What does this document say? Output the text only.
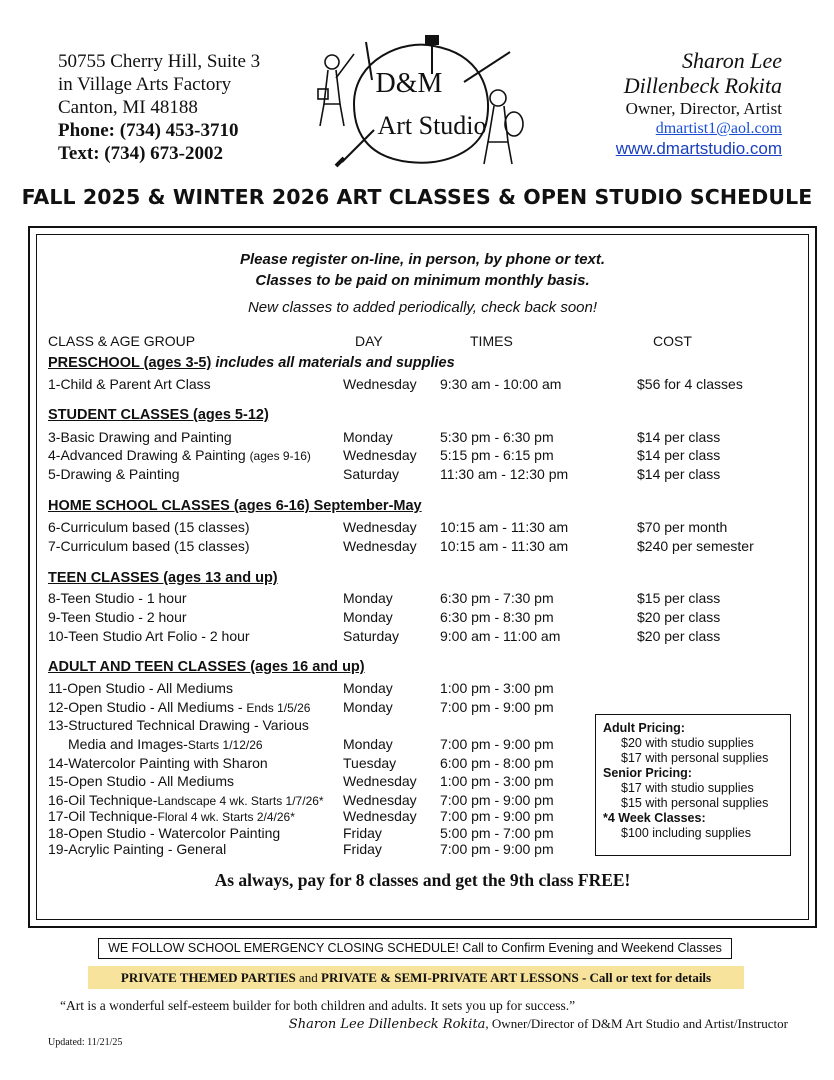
50755 Cherry Hill, Suite 3
in Village Arts Factory
Canton, MI 48188
Phone: (734) 453-3710
Text: (734) 673-2002
D&M
Art Studio
Sharon Lee
Dillenbeck Rokita
Owner, Director, Artist
dmartist1@aol.com
www.dmartstudio.com
FALL 2025 & WINTER 2026 ART CLASSES & OPEN STUDIO SCHEDULE
Please register on-line, in person, by phone or text.
Classes to be paid on minimum monthly basis.
New classes to added periodically, check back soon!
CLASS & AGE GROUP	DAY	TIMES	COST
PRESCHOOL (ages 3-5) includes all materials and supplies
1-Child & Parent Art Class	Wednesday 9:30 am - 10:00 am	$56 for 4 classes
STUDENT CLASSES (ages 5-12)
3-Basic Drawing and Painting	Monday	5:30 pm - 6:30 pm	$14 per class
4-Advanced Drawing & Painting (ages 9-16) Wednesday 5:15 pm - 6:15 pm	$14 per class
5-Drawing & Painting	Saturday	11:30 am - 12:30 pm	$14 per class
HOME SCHOOL CLASSES (ages 6-16) September-May
6-Curriculum based (15 classes)	Wednesday 10:15 am - 11:30 am	$70 per month
7-Curriculum based (15 classes)	Wednesday 10:15 am - 11:30 am	$240 per semester
TEEN CLASSES (ages 13 and up)
8-Teen Studio - 1 hour	Monday	6:30 pm - 7:30 pm	$15 per class
9-Teen Studio - 2 hour	Monday	6:30 pm - 8:30 pm	$20 per class
10-Teen Studio Art Folio - 2 hour	Saturday	9:00 am - 11:00 am	$20 per class
ADULT AND TEEN CLASSES (ages 16 and up)
11-Open Studio - All Mediums	Monday	1:00 pm - 3:00 pm
12-Open Studio - All Mediums - Ends 1/5/26 Monday	7:00 pm - 9:00 pm
13-Structured Technical Drawing - Various
Media and Images-Starts 1/12/26	Monday	7:00 pm - 9:00 pm
14-Watercolor Painting with Sharon	Tuesday	6:00 pm - 8:00 pm
15-Open Studio - All Mediums	Wednesday 1:00 pm - 3:00 pm
16-Oil Technique-Landscape 4 wk. Starts 1/7/26* Wednesday 7:00 pm - 9:00 pm
17-Oil Technique-Floral 4 wk. Starts 2/4/26*	Wednesday 7:00 pm - 9:00 pm
18-Open Studio - Watercolor Painting	Friday	5:00 pm - 7:00 pm
19-Acrylic Painting - General	Friday	7:00 pm - 9:00 pm
Adult Pricing:
$20 with studio supplies
$17 with personal supplies
Senior Pricing:
$17 with studio supplies
$15 with personal supplies
*4 Week Classes:
$100 including supplies
As always, pay for 8 classes and get the 9th class FREE!
WE FOLLOW SCHOOL EMERGENCY CLOSING SCHEDULE! Call to Confirm Evening and Weekend Classes
PRIVATE THEMED PARTIES and PRIVATE & SEMI-PRIVATE ART LESSONS - Call or text for details
“Art is a wonderful self-esteem builder for both children and adults. It sets you up for success.”
Sharon Lee Dillenbeck Rokita, Owner/Director of D&M Art Studio and Artist/Instructor
Updated: 11/21/25
